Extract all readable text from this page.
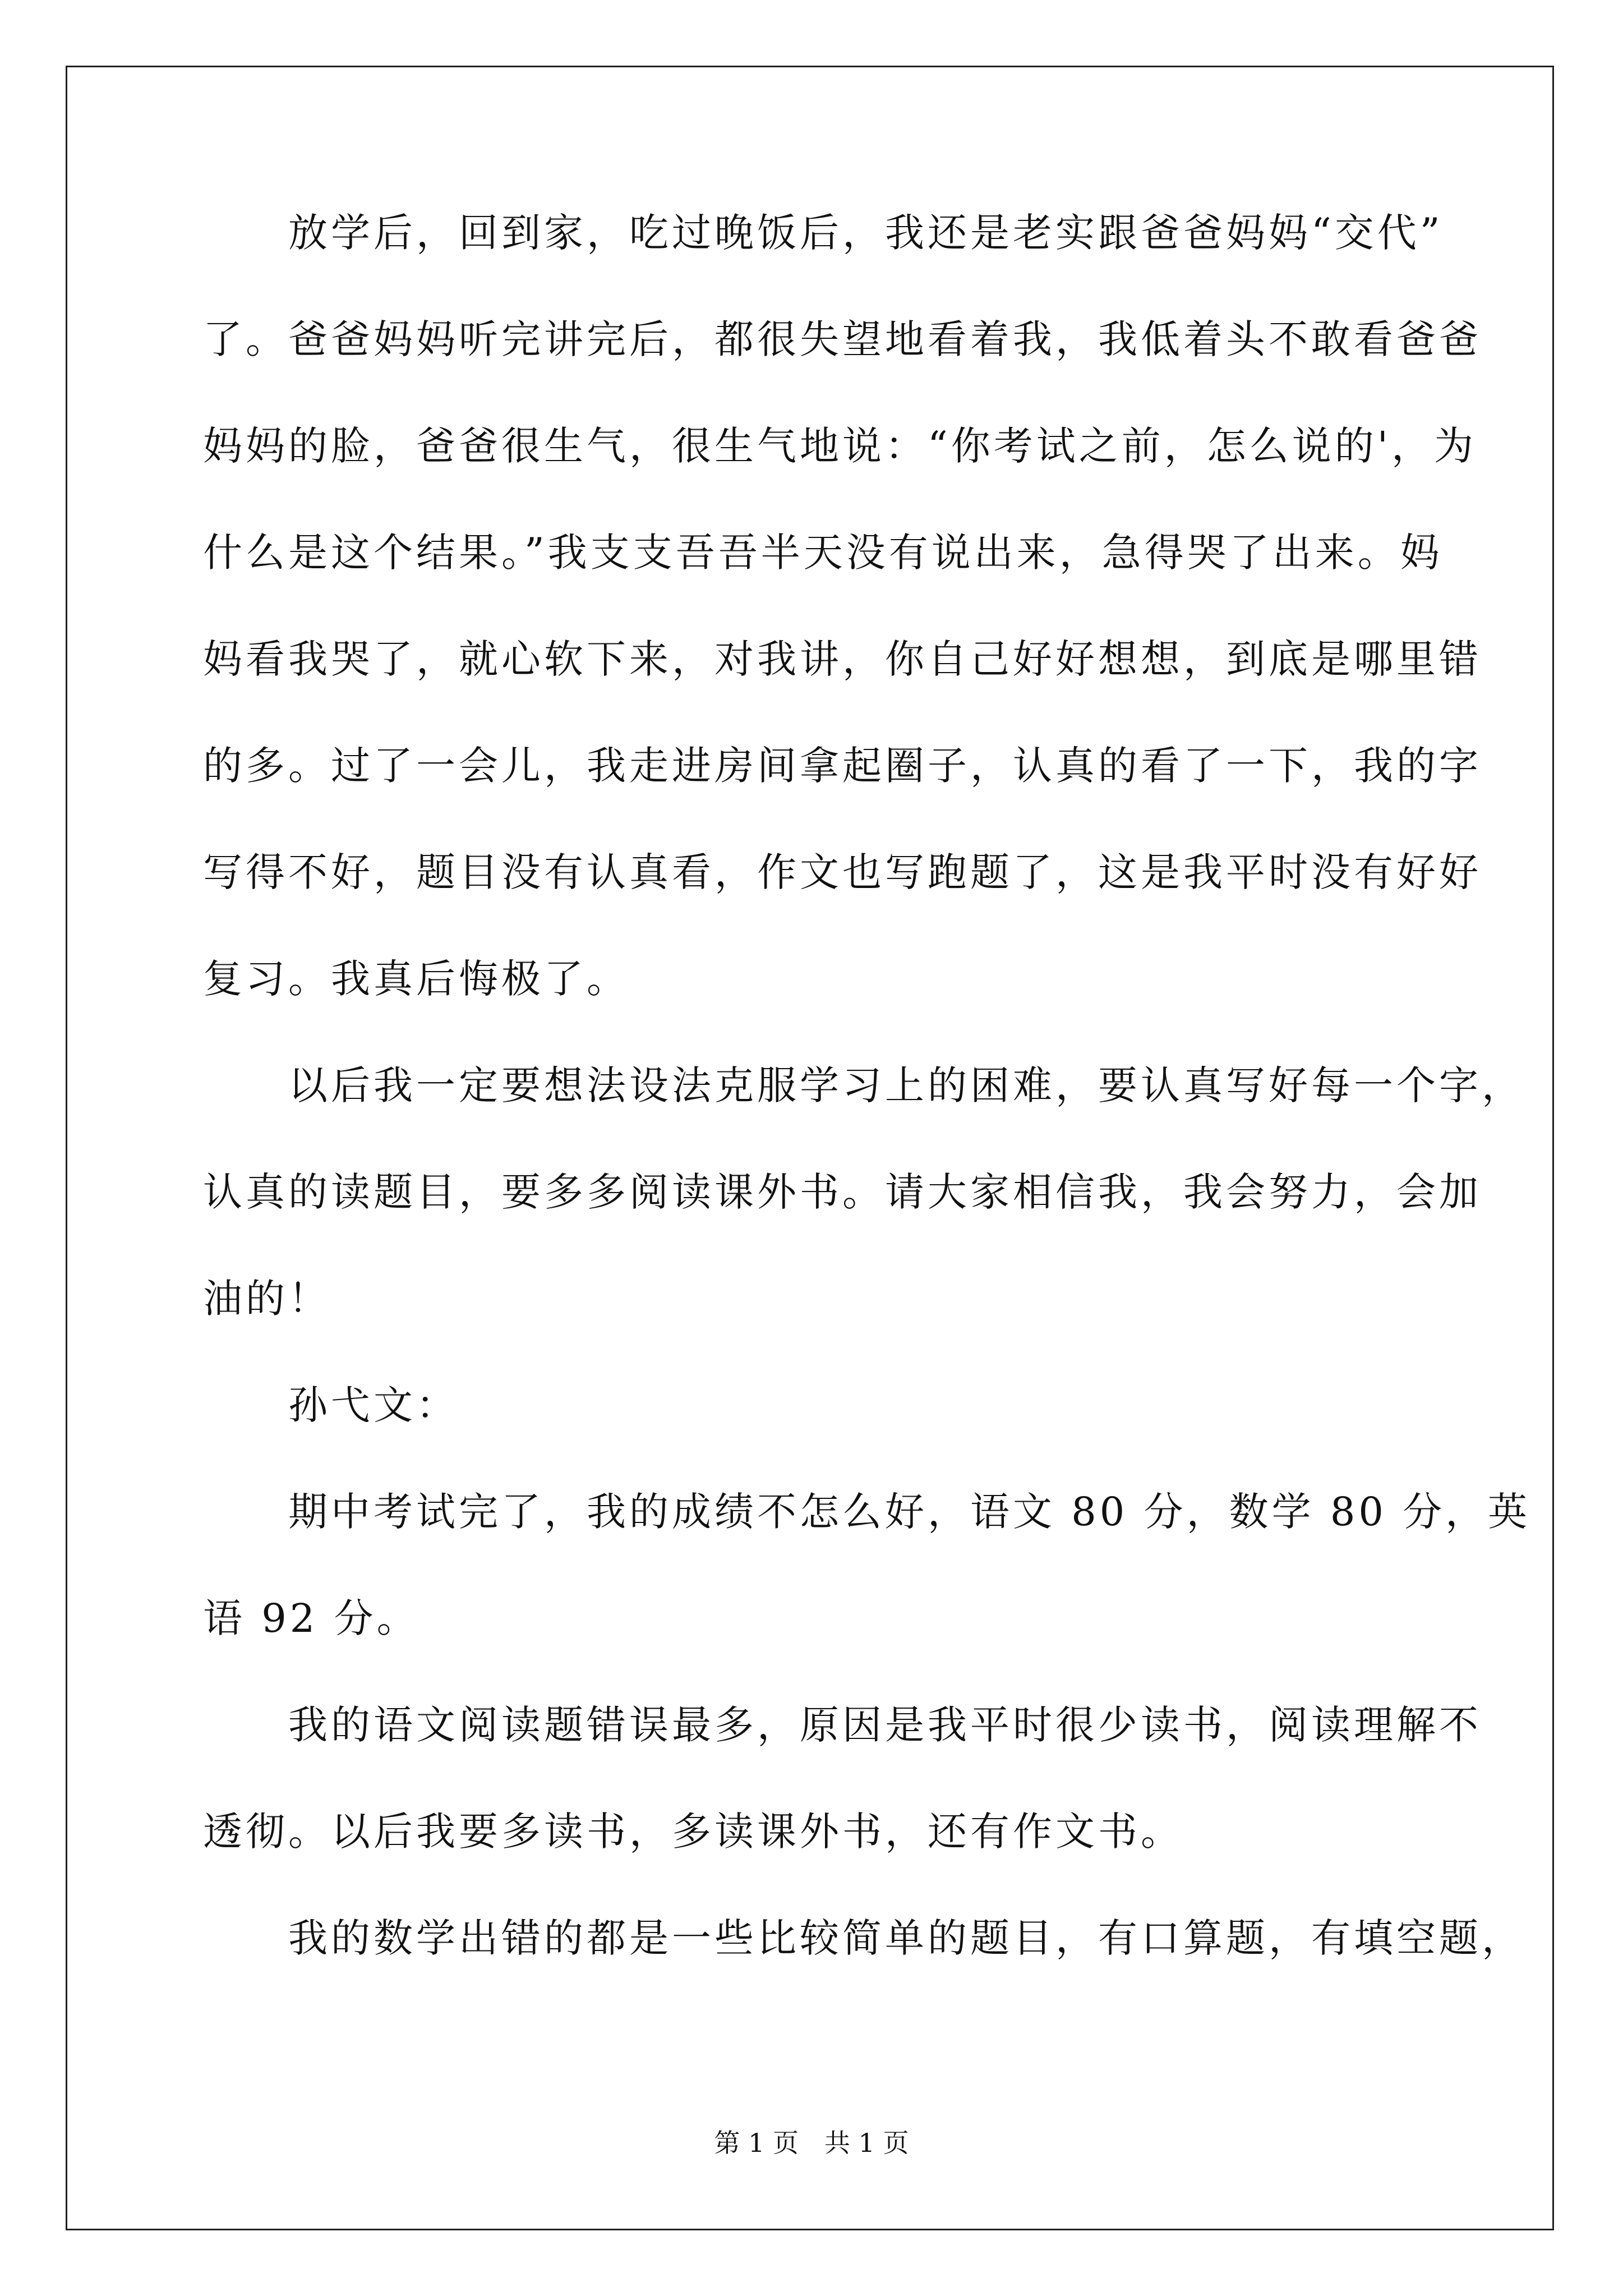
　　放学后，回到家，吃过晚饭后，我还是老实跟爸爸妈妈“交代”
了。爸爸妈妈听完讲完后，都很失望地看着我，我低着头不敢看爸爸
妈妈的脸，爸爸很生气，很生气地说：“你考试之前，怎么说的'，为
什么是这个结果。”我支支吾吾半天没有说出来，急得哭了出来。妈
妈看我哭了，就心软下来，对我讲，你自己好好想想，到底是哪里错
的多。过了一会儿，我走进房间拿起圈子，认真的看了一下，我的字
写得不好，题目没有认真看，作文也写跑题了，这是我平时没有好好
复习。我真后悔极了。
　　以后我一定要想法设法克服学习上的困难，要认真写好每一个字，
认真的读题目，要多多阅读课外书。请大家相信我，我会努力，会加
油的！
　　孙弋文：
　　期中考试完了，我的成绩不怎么好，语文 80 分，数学 80 分，英
语 92 分。
　　我的语文阅读题错误最多，原因是我平时很少读书，阅读理解不
透彻。以后我要多读书，多读课外书，还有作文书。
　　我的数学出错的都是一些比较简单的题目，有口算题，有填空题，
第 1 页　共 1 页
